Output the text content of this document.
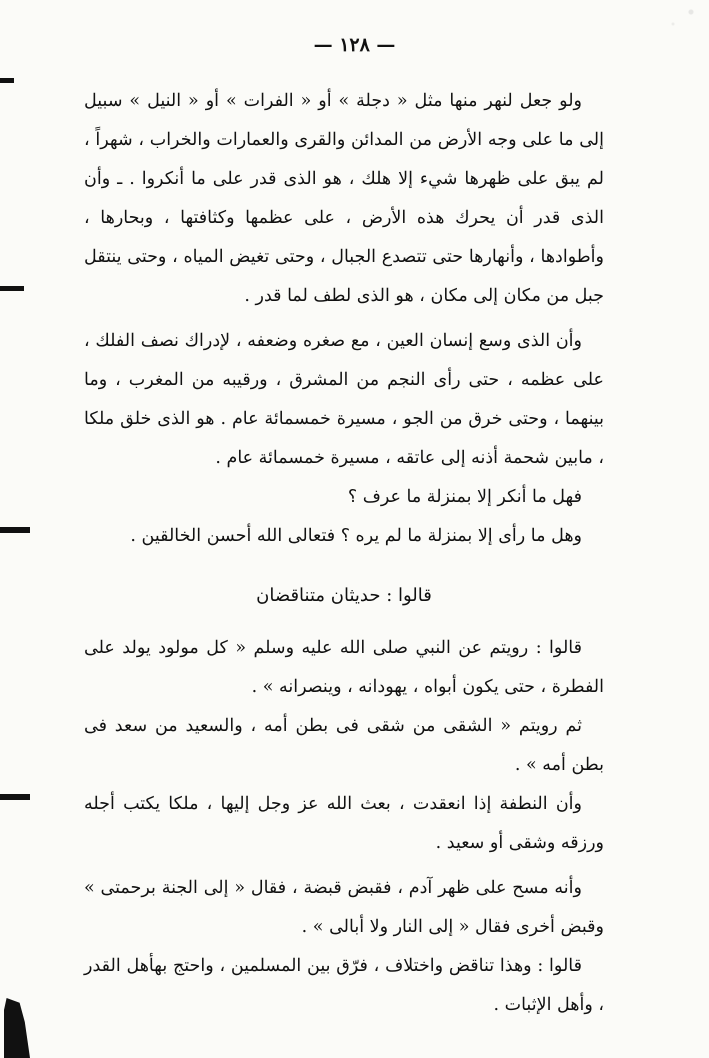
— ١٢٨ —

ولو جعل لنهر منها مثل « دجلة » أو « الفرات » أو « النيل » سبيل إلى ما على وجه الأرض من المدائن والقرى والعمارات والخراب ، شهراً ، لم يبق على ظهرها شيء إلا هلك ، هو الذى قدر على ما أنكروا . ـ وأن الذى قدر أن يحرك هذه الأرض ، على عظمها وكثافتها ، وبحارها ، وأطوادها ، وأنهارها حتى تتصدع الجبال ، وحتى تغيض المياه ، وحتى ينتقل جبل من مكان إلى مكان ، هو الذى لطف لما قدر .

وأن الذى وسع إنسان العين ، مع صغره وضعفه ، لإدراك نصف الفلك ، على عظمه ، حتى رأى النجم من المشرق ، ورقيبه من المغرب ، وما بينهما ، وحتى خرق من الجو ، مسيرة خمسمائة عام . هو الذى خلق ملكا ، مابين شحمة أذنه إلى عاتقه ، مسيرة خمسمائة عام .

فهل ما أنكر إلا بمنزلة ما عرف ؟

وهل ما رأى إلا بمنزلة ما لم يره ؟ فتعالى الله أحسن الخالقين .

قالوا : حديثان متناقضان

قالوا : رويتم عن النبي صلى الله عليه وسلم « كل مولود يولد على الفطرة ، حتى يكون أبواه ، يهودانه ، وينصرانه » .

ثم رويتم « الشقى من شقى فى بطن أمه ، والسعيد من سعد فى بطن أمه » .

وأن النطفة إذا انعقدت ، بعث الله عز وجل إليها ، ملكا يكتب أجله ورزقه وشقى أو سعيد .

وأنه مسح على ظهر آدم ، فقبض قبضة ، فقال « إلى الجنة برحمتى » وقبض أخرى فقال « إلى النار ولا أبالى » .

قالوا : وهذا تناقض واختلاف ، فرّق بين المسلمين ، واحتج بهأهل القدر ، وأهل الإثبات .
